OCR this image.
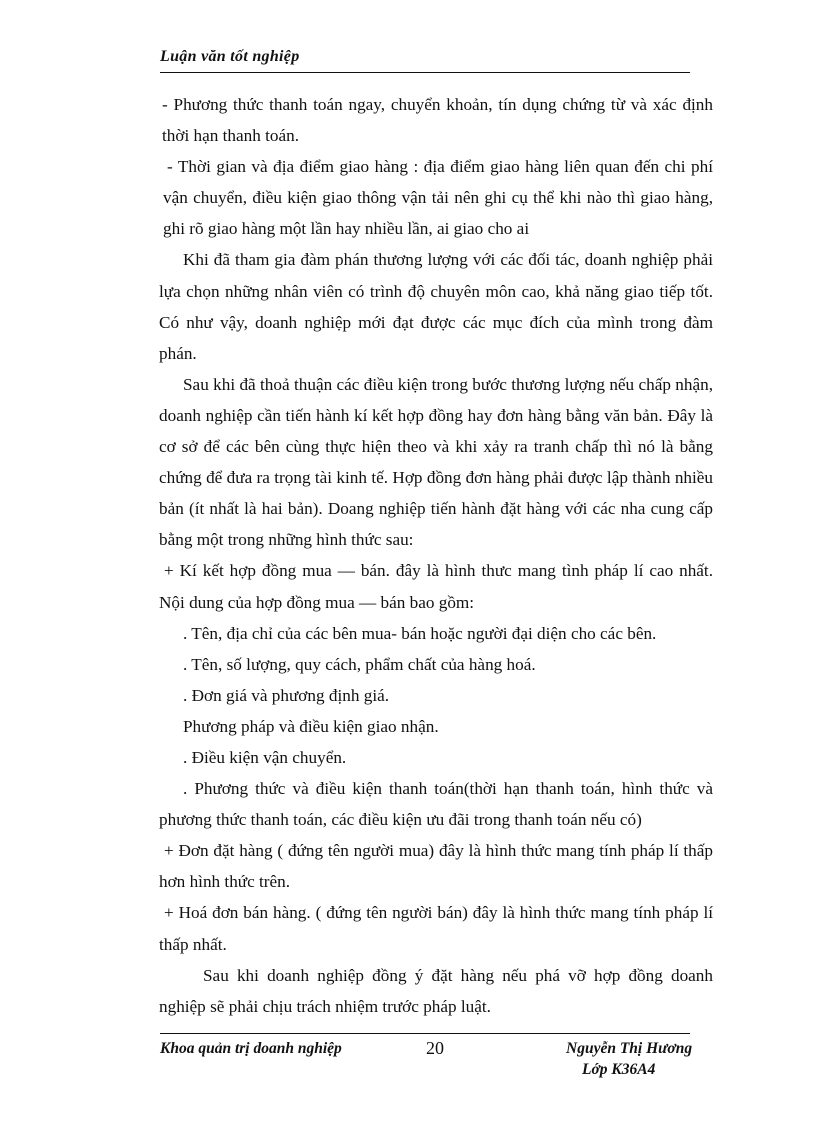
Luận văn tốt nghiệp

- Phương thức thanh toán ngay, chuyển khoản, tín dụng chứng từ và xác định thời hạn thanh toán.

- Thời gian và địa điểm giao hàng : địa điểm giao hàng liên quan đến chi phí vận chuyển, điều kiện giao thông vận tải nên ghi cụ thể khi nào thì giao hàng, ghi rõ giao hàng một lần hay nhiều lần, ai giao cho ai

Khi đã tham gia đàm phán thương lượng với các đối tác, doanh nghiệp phải lựa chọn những nhân viên có trình độ chuyên môn cao, khả năng giao tiếp tốt. Có như vậy, doanh nghiệp mới đạt được các mục đích của mình trong đàm phán.

Sau khi đã thoả thuận các điều kiện trong bước thương lượng nếu chấp nhận, doanh nghiệp cần tiến hành kí kết hợp đồng hay đơn hàng bằng văn bản. Đây là cơ sở để các bên cùng thực hiện theo và khi xảy ra tranh chấp thì nó là bằng chứng để đưa ra trọng tài kinh tế. Hợp đồng đơn hàng phải được lập thành nhiều bản (ít nhất là hai bản). Doang nghiệp tiến hành đặt hàng với các nha cung cấp bằng một trong những hình thức sau:

+ Kí kết hợp đồng mua — bán. đây là hình thưc mang tình pháp lí cao nhất. Nội dung của hợp đồng mua — bán bao gồm:

. Tên, địa chỉ của các bên mua- bán hoặc người đại diện cho các bên.

. Tên, số lượng, quy cách, phẩm chất của hàng hoá.

. Đơn giá và phương định giá.

Phương pháp và điều kiện giao nhận.

. Điều kiện vận chuyển.

. Phương thức và điều kiện thanh toán(thời hạn thanh toán, hình thức và phương thức thanh toán, các điều kiện ưu đãi trong thanh toán nếu có)

+ Đơn đặt hàng ( đứng tên người mua) đây là hình thức mang tính pháp lí thấp hơn hình thức trên.

+ Hoá đơn bán hàng. ( đứng tên người bán) đây là hình thức mang tính pháp lí thấp nhất.

Sau khi doanh nghiệp đồng ý đặt hàng nếu phá vỡ hợp đồng doanh nghiệp sẽ phải chịu trách nhiệm trước pháp luật.

Khoa quản trị doanh nghiệp	20	Nguyễn Thị Hương
Lớp K36A4
